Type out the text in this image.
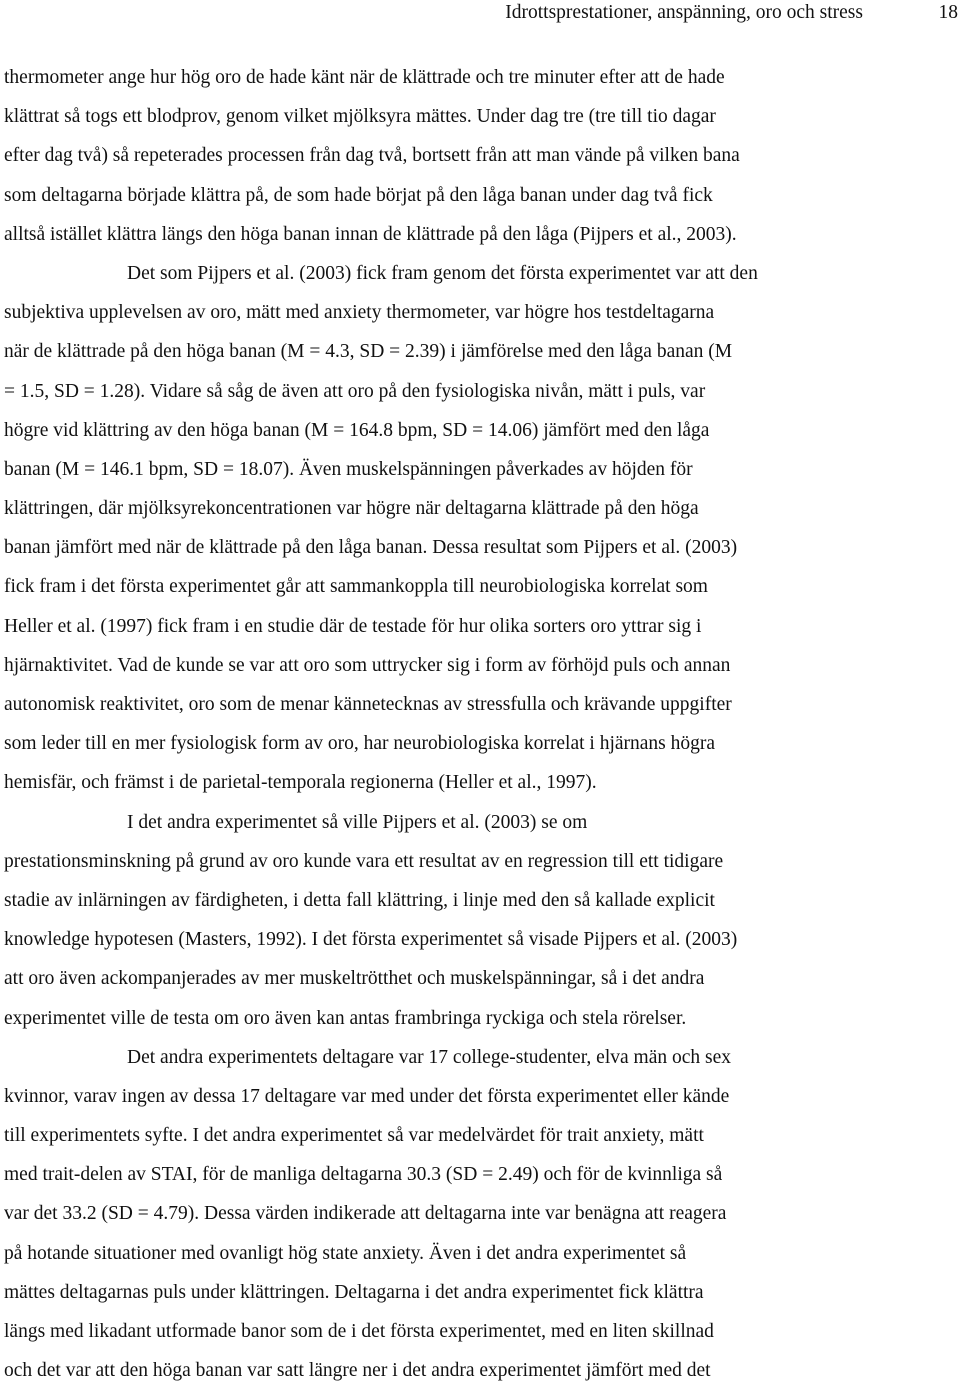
Idrottsprestationer, anspänning, oro och stress	18
thermometer ange hur hög oro de hade känt när de klättrade och tre minuter efter att de hade
klättrat så togs ett blodprov, genom vilket mjölksyra mättes. Under dag tre (tre till tio dagar
efter dag två) så repeterades processen från dag två, bortsett från att man vände på vilken bana
som deltagarna började klättra på, de som hade börjat på den låga banan under dag två fick
alltså istället klättra längs den höga banan innan de klättrade på den låga (Pijpers et al., 2003).
Det som Pijpers et al. (2003) fick fram genom det första experimentet var att den
subjektiva upplevelsen av oro, mätt med anxiety thermometer, var högre hos testdeltagarna
när de klättrade på den höga banan (M = 4.3, SD = 2.39) i jämförelse med den låga banan (M
= 1.5, SD = 1.28). Vidare så såg de även att oro på den fysiologiska nivån, mätt i puls, var
högre vid klättring av den höga banan (M = 164.8 bpm, SD = 14.06) jämfört med den låga
banan (M = 146.1 bpm, SD = 18.07). Även muskelspänningen påverkades av höjden för
klättringen, där mjölksyrekoncentrationen var högre när deltagarna klättrade på den höga
banan jämfört med när de klättrade på den låga banan. Dessa resultat som Pijpers et al. (2003)
fick fram i det första experimentet går att sammankoppla till neurobiologiska korrelat som
Heller et al. (1997) fick fram i en studie där de testade för hur olika sorters oro yttrar sig i
hjärnaktivitet. Vad de kunde se var att oro som uttrycker sig i form av förhöjd puls och annan
autonomisk reaktivitet, oro som de menar kännetecknas av stressfulla och krävande uppgifter
som leder till en mer fysiologisk form av oro, har neurobiologiska korrelat i hjärnans högra
hemisfär, och främst i de parietal-temporala regionerna (Heller et al., 1997).
I det andra experimentet så ville Pijpers et al. (2003) se om
prestationsminskning på grund av oro kunde vara ett resultat av en regression till ett tidigare
stadie av inlärningen av färdigheten, i detta fall klättring, i linje med den så kallade explicit
knowledge hypotesen (Masters, 1992). I det första experimentet så visade Pijpers et al. (2003)
att oro även ackompanjerades av mer muskeltrötthet och muskelspänningar, så i det andra
experimentet ville de testa om oro även kan antas frambringa ryckiga och stela rörelser.
Det andra experimentets deltagare var 17 college-studenter, elva män och sex
kvinnor, varav ingen av dessa 17 deltagare var med under det första experimentet eller kände
till experimentets syfte. I det andra experimentet så var medelvärdet för trait anxiety, mätt
med trait-delen av STAI, för de manliga deltagarna 30.3 (SD = 2.49) och för de kvinnliga så
var det 33.2 (SD = 4.79). Dessa värden indikerade att deltagarna inte var benägna att reagera
på hotande situationer med ovanligt hög state anxiety. Även i det andra experimentet så
mättes deltagarnas puls under klättringen. Deltagarna i det andra experimentet fick klättra
längs med likadant utformade banor som de i det första experimentet, med en liten skillnad
och det var att den höga banan var satt längre ner i det andra experimentet jämfört med det
